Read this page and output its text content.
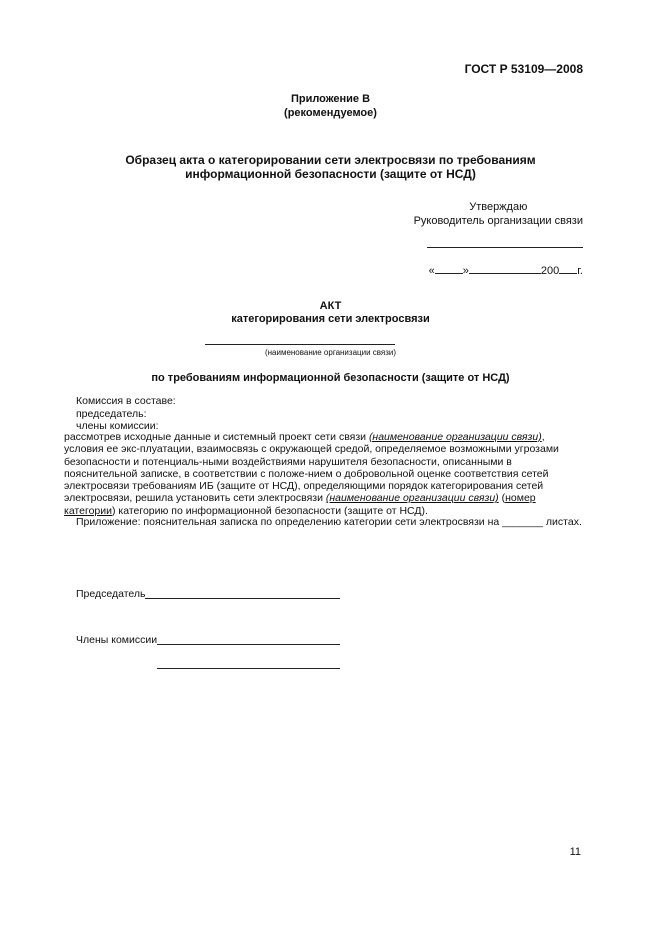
ГОСТ Р 53109—2008
Приложение В
(рекомендуемое)
Образец акта о категорировании сети электросвязи по требованиям
информационной безопасности (защите от НСД)
Утверждаю
Руководитель организации связи
«	»	200 г.
АКТ
категорирования сети электросвязи
(наименование организации связи)
по требованиям информационной безопасности (защите от НСД)
Комиссия в составе:
председатель:
члены комиссии:
рассмотрев исходные данные и системный проект сети связи (наименование организации связи), условия ее экс-плуатации, взаимосвязь с окружающей средой, определяемое возможными угрозами безопасности и потенциаль-ными воздействиями нарушителя безопасности, описанными в пояснительной записке, в соответствии с положе-нием о добровольной оценке соответствия сетей электросвязи требованиям ИБ (защите от НСД), определяющими порядок категорирования сетей электросвязи, решила установить сети электросвязи (наименование организации связи) (номер категории) категорию по информационной безопасности (защите от НСД).
Приложение: пояснительная записка по определению категории сети электросвязи на _______ листах.
Председатель
Члены комиссии
11
